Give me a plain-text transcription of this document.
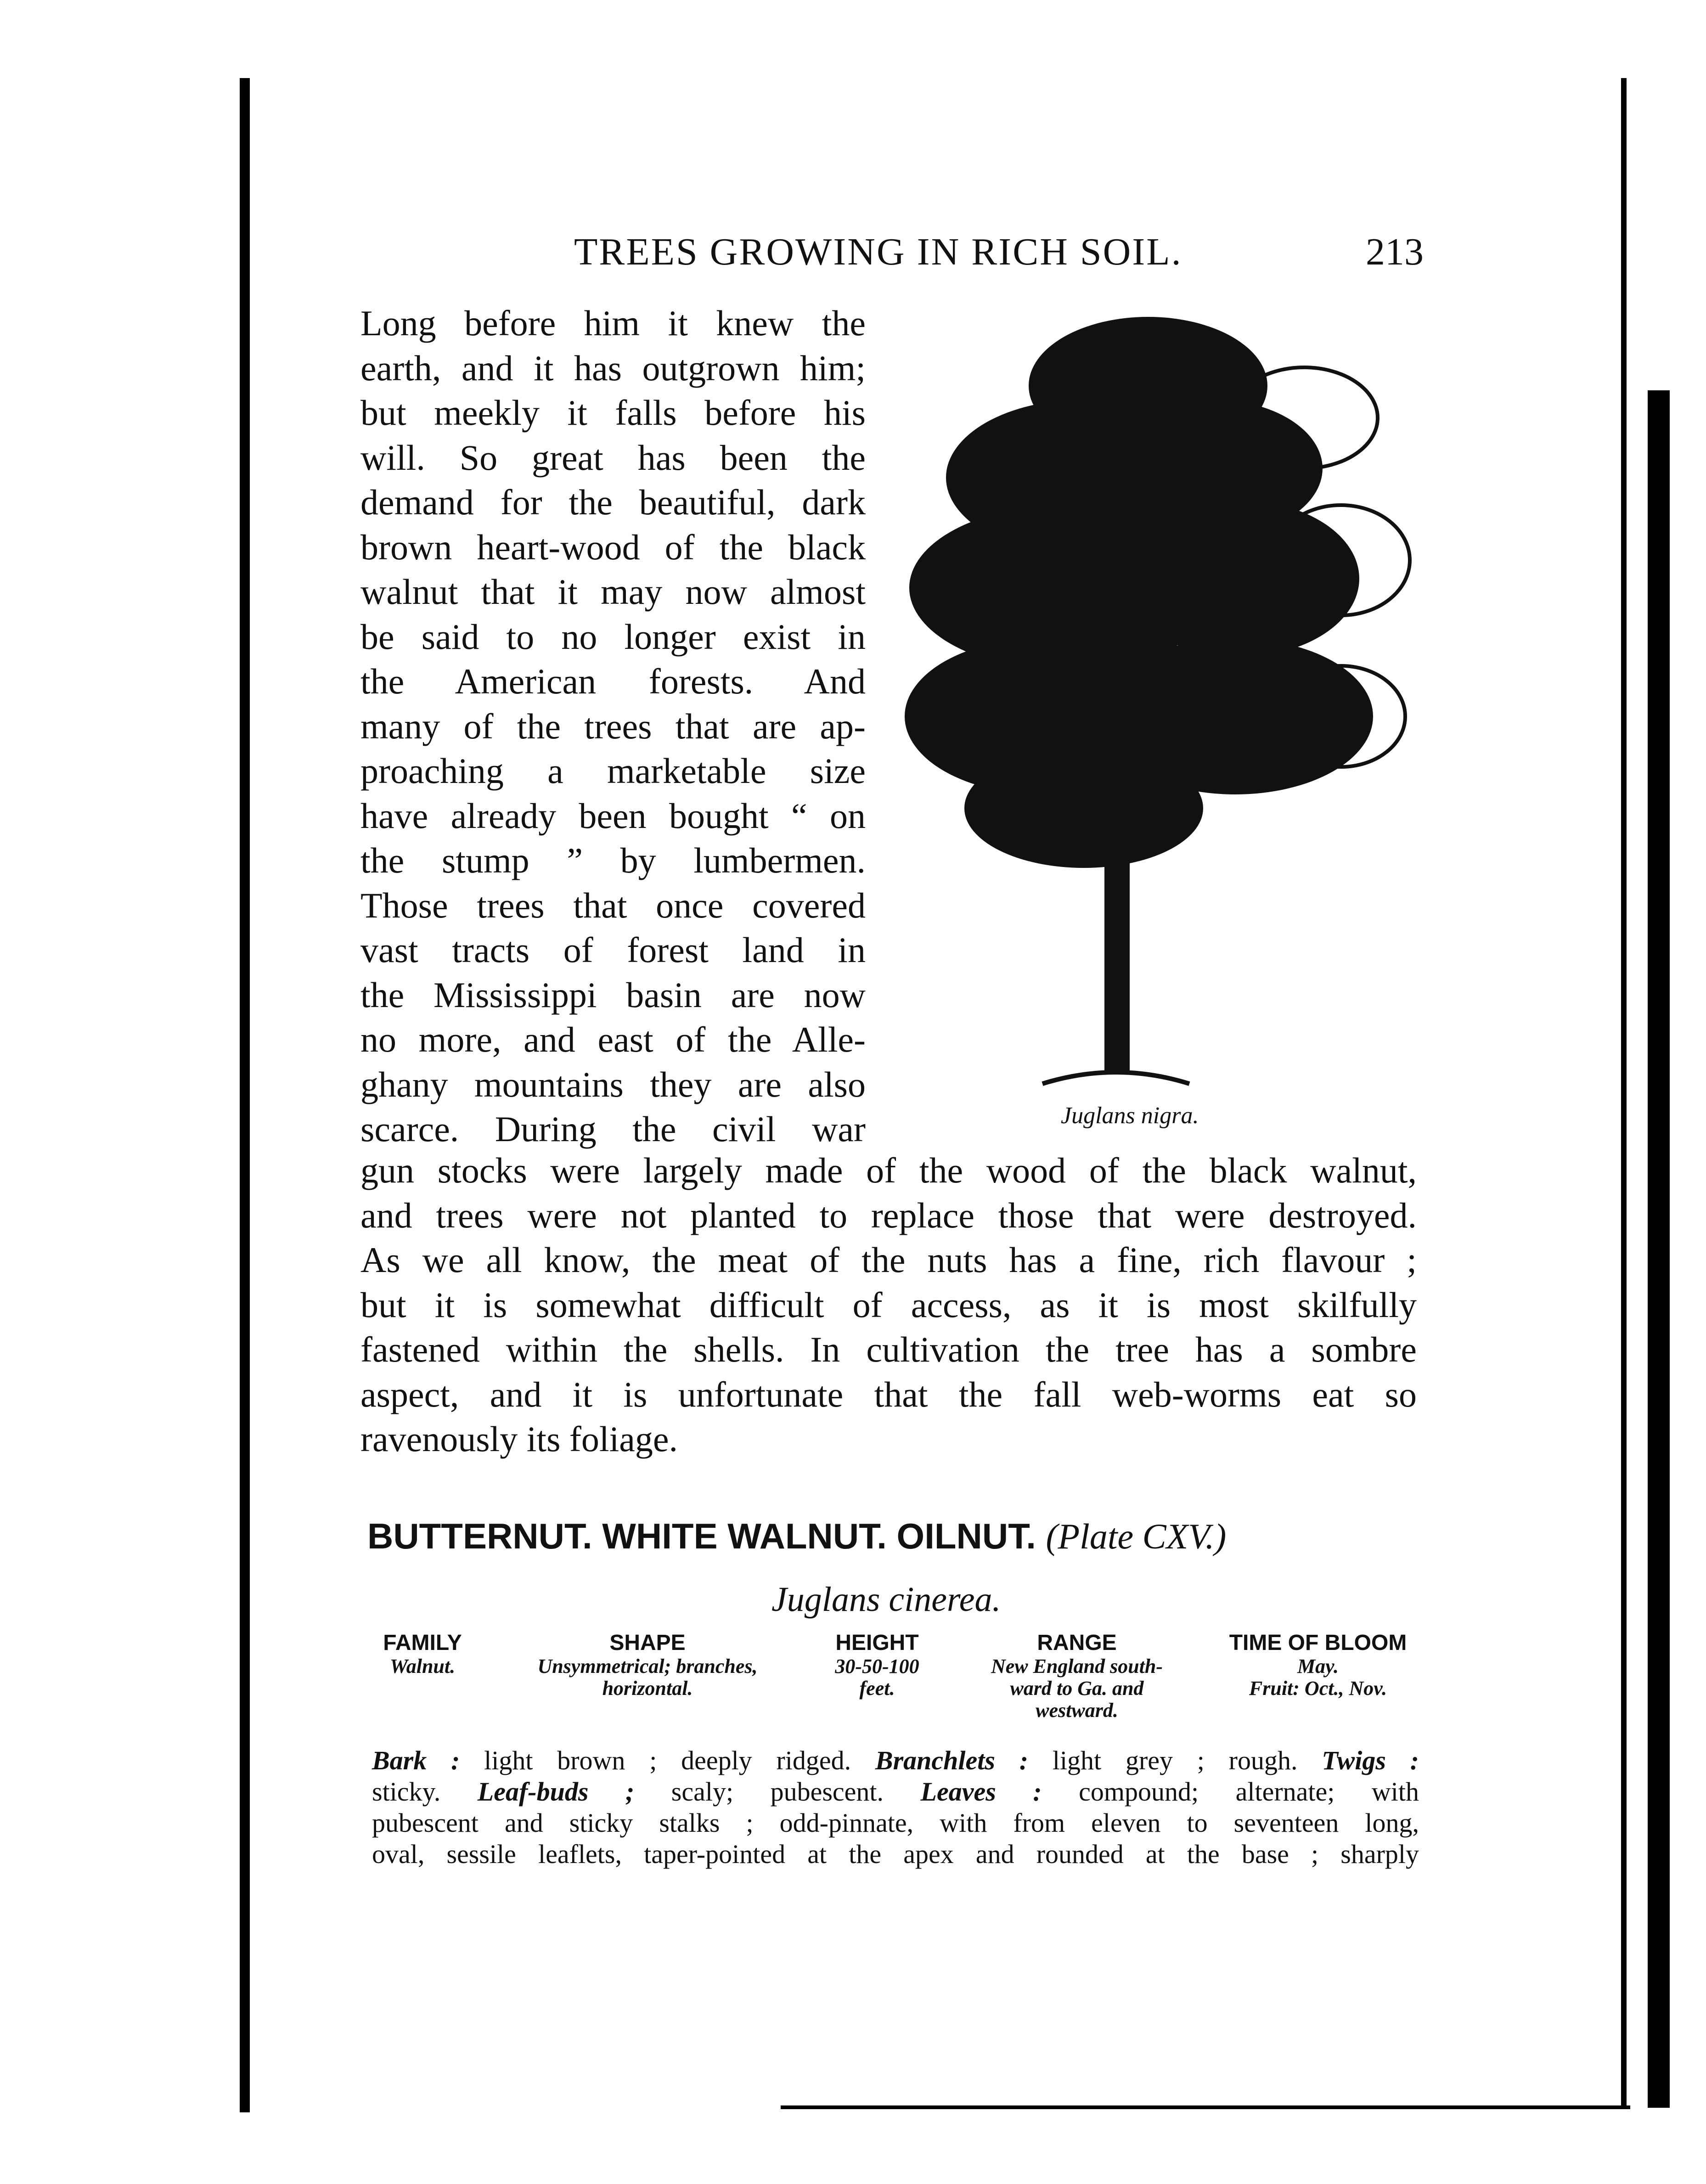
TREES GROWING IN RICH SOIL.	213
Long before him it knew the
earth, and it has outgrown him;
but meekly it falls before his
will. So great has been the
demand for the beautiful, dark
brown heart-wood of the black
walnut that it may now almost
be said to no longer exist in
the American forests. And
many of the trees that are ap-
proaching a marketable size
have already been bought “ on
the stump ” by lumbermen.
Those trees that once covered
vast tracts of forest land in
the Mississippi basin are now
no more, and east of the Alle-
ghany mountains they are also
scarce. During the civil war	Juglans nigra.
gun stocks were largely made of the wood of the black walnut,
and trees were not planted to replace those that were destroyed.
As we all know, the meat of the nuts has a fine, rich flavour ;
but it is somewhat difficult of access, as it is most skilfully
fastened within the shells. In cultivation the tree has a sombre
aspect, and it is unfortunate that the fall web-worms eat so
ravenously its foliage.
BUTTERNUT. WHITE WALNUT. OILNUT. (Plate CXV.)
Juglans cinerea.
FAMILY
Walnut.
SHAPE
Unsymmetrical; branches,
horizontal.
HEIGHT
30-50-100
feet.
RANGE
New England south-
ward to Ga. and
westward.
TIME OF BLOOM
May.
Fruit: Oct., Nov.
Bark : light brown ; deeply ridged. Branchlets : light grey ; rough. Twigs :
sticky. Leaf-buds ; scaly; pubescent. Leaves : compound; alternate; with
pubescent and sticky stalks ; odd-pinnate, with from eleven to seventeen long,
oval, sessile leaflets, taper-pointed at the apex and rounded at the base ; sharply
